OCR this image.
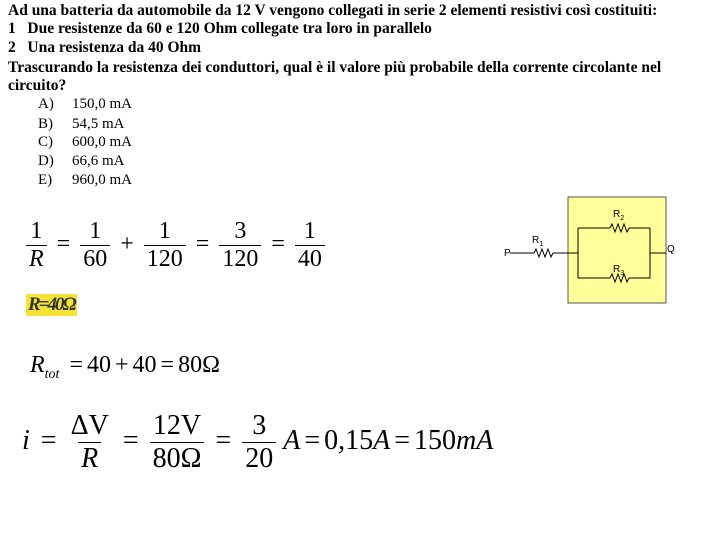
Ad una batteria da automobile da 12 V vengono collegati in serie 2 elementi resistivi così costituiti:
1 Due resistenze da 60 e 120 Ohm collegate tra loro in parallelo
2 Una resistenza da 40 Ohm
Trascurando la resistenza dei conduttori, qual è il valore più probabile della corrente circolante nel
circuito?
A) 150,0 mA
B) 54,5 mA
C) 600,0 mA
D) 66,6 mA
E) 960,0 mA
$\frac{1}{R} = \frac{1}{60} + \frac{1}{120} = \frac{3}{120} = \frac{1}{40}$
R=40Ω
$R_{tot} = 40 + 40 = 80\Omega$
$i = \frac{\Delta V}{R} = \frac{12V}{80\Omega} = \frac{3}{20}$ A = 0,15A = 150mA
P	Q
$R_1$
$R_2$
$R_3$
